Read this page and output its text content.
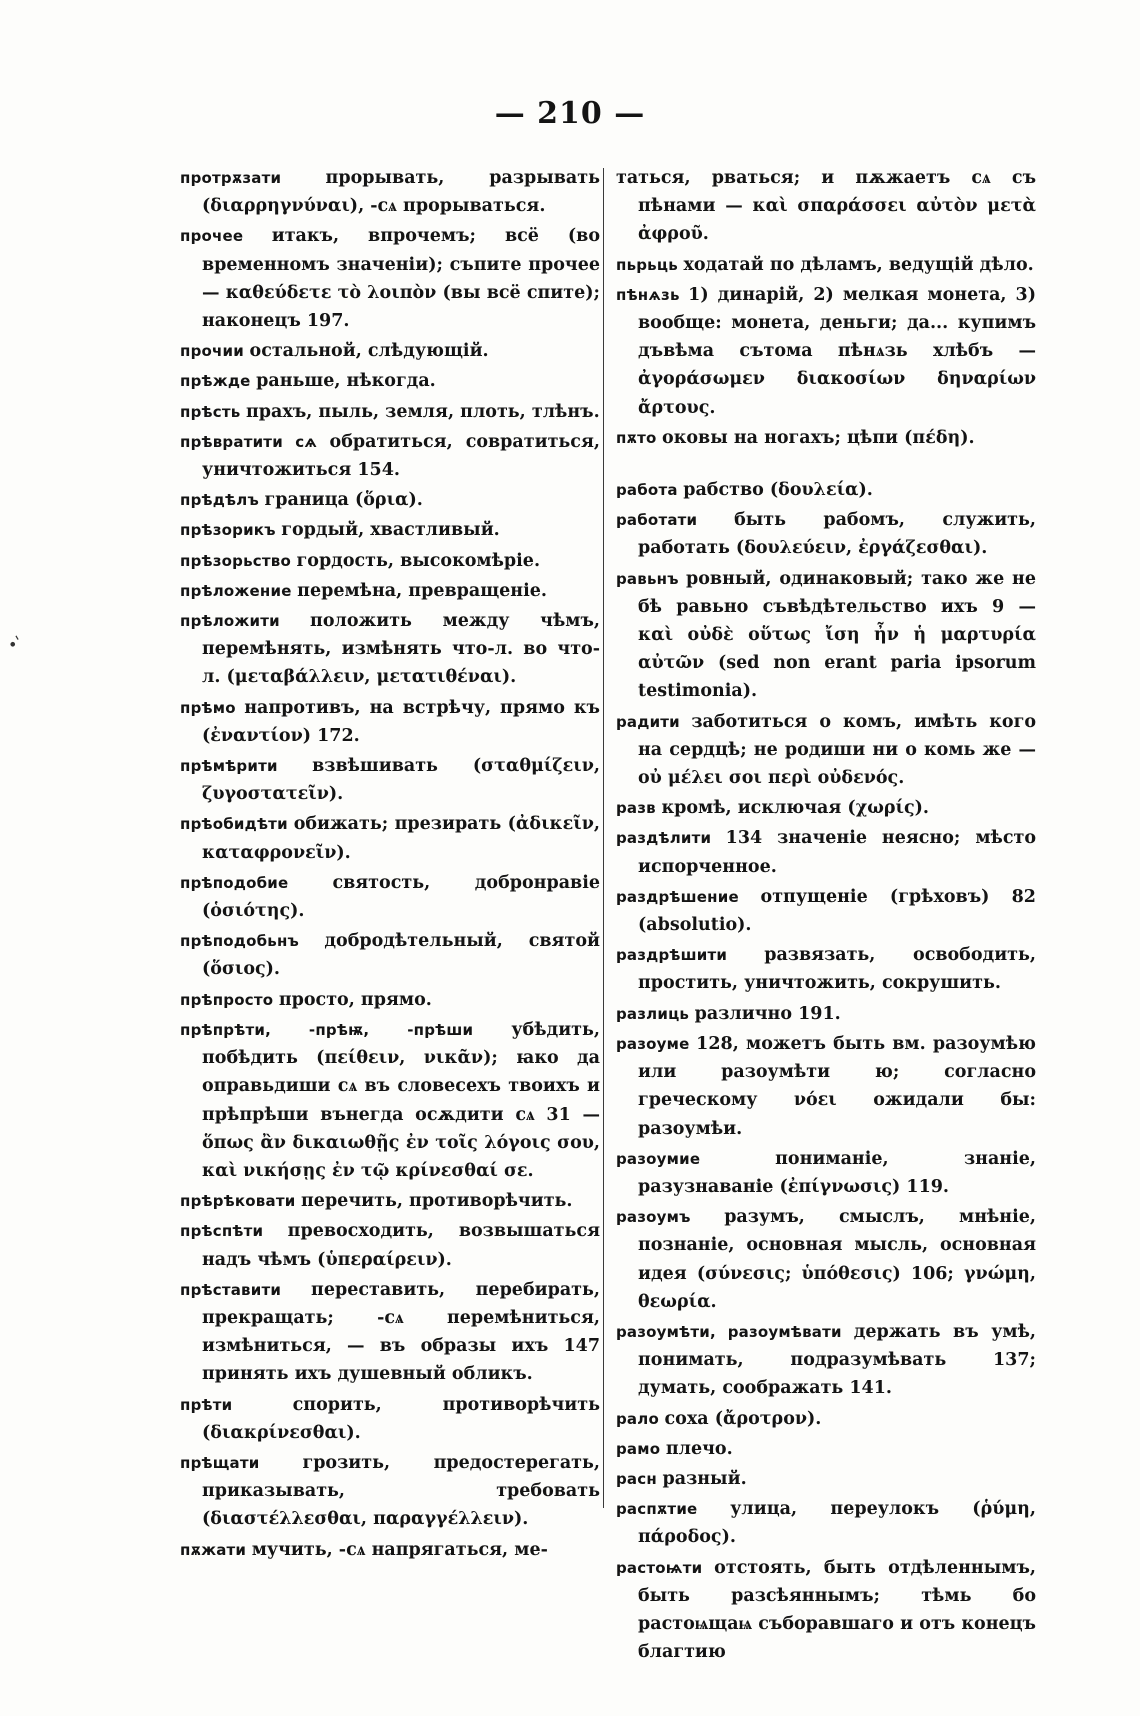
— 210 —
•'

протрѫзати	прорывать, разрывать (διαρρηγνύναι), -сѧ прорываться.

прочее итакъ, впрочемъ; всё (во временномъ значенiи); съпите прочее — καθεύδετε τὸ λοιπὸν (вы всё спите); наконецъ 197.

прочии остальной, слѣдующiй.

прѣжде раньше, нѣкогда.

прѣсть прахъ, пыль, земля, плоть, тлѣнъ.

прѣвратити сѧ обратиться, совратиться, уничтожиться 154.

прѣдѣлъ граница (ὅρια).

прѣзорикъ гордый, хвастливый.

прѣзорьство гордость, высокомѣрiе.

прѣложение перемѣна, превращенiе.

прѣложити положить между чѣмъ, перемѣнять, измѣнять что-л. во что-л. (μεταβάλλειν, μετατιθέναι).

прѣмо напротивъ, на встрѣчу, прямо къ (ἐναντίον) 172.

прѣмѣрити взвѣшивать (σταθμίζειν, ζυγοστατεῖν).

прѣобидѣти обижать; презирать (ἀδικεῖν, καταφρονεῖν).

прѣподобие	святость, добронравiе (ὁσιότης).

прѣподобьнъ добродѣтельный, святой (ὅσιος).

прѣпросто просто, прямо.

прѣпрѣти, -прѣѭ, -прѣши убѣдить, побѣдить (πείθειν, νικᾶν); ꙗко да оправьдиши сѧ въ словесехъ твоихъ и прѣпрѣши вънегда осѫдити сѧ 31 — ὅπως ἂν δικαιωθῇς ἐν τοῖς λόγοις σου, καὶ νικήσῃς ἐν τῷ κρίνεσθαί σε.

прѣрѣковати перечить, противорѣчить.

прѣспѣти превосходить, возвышаться надъ чѣмъ (ὑπεραίρειν).

прѣставити переставить, перебирать, прекращать; -сѧ перемѣниться, измѣниться, — въ образы ихъ 147 принять ихъ душевный обликъ.

прѣти	спорить, противорѣчить (διακρίνεσθαι).

прѣщати грозить, предостерегать, приказывать, требовать (διαστέλλεσθαι, παραγγέλλειν).

пѫжати мучить, -сѧ напрягаться, ме-

таться, рваться; и пѫжаетъ сѧ съ пѣнами — καὶ σπαράσσει αὐτὸν μετὰ ἀφροῦ.

пьрьць ходатай по дѣламъ, ведущiй дѣло.

пѣнѧзь 1) динарiй, 2) мелкая монета, 3) вообще: монета, деньги; да... купимъ дъвѣма сътома пѣнѧзь хлѣбъ — ἀγοράσωμεν διακοσίων δηναρίων ἄρτους.

пѫто оковы на ногахъ; цѣпи (πέδη).

работа рабство (δουλεία).

работати быть рабомъ, служить, работать (δουλεύειν, ἐργάζεσθαι).

равьнъ ровный, одинаковый; тако же не бѣ равьно съвѣдѣтельство ихъ 9 — καὶ οὐδὲ οὕτως ἴση ἦν ἡ μαρτυρία αὐτῶν (sed non erant paria ipsorum testimonia).

радити заботиться о комъ, имѣть кого на сердцѣ; не родиши ни о комь же — οὐ μέλει σοι περὶ οὐδενός.

разв кромѣ, исключая (χωρίς).

раздѣлити 134 значенiе неясно; мѣсто испорченное.

раздрѣшение отпущенiе (грѣховъ) 82 (absolutio).

раздрѣшити развязать, освободить, простить, уничтожить, сокрушить.

разлиць различно 191.

разоуме 128, можетъ быть вм. разоумѣю или разоумѣти ю; согласно греческому νόει ожидали бы: разоумѣи.

разоумие	пониманiе, знанiе, разузнаванiе (ἐπίγνωσις) 119.

разоумъ разумъ, смыслъ, мнѣнiе, познанiе, основная мысль, основная идея (σύνεσις; ὑπόθεσις) 106; γνώμη, θεωρία.

разоумѣти, разоумѣвати держать въ умѣ, понимать, подразумѣвать 137; думать, соображать 141.

рало соха (ἄροτρον).

рамо плечо.

расн разный.

распѫтие улица, переулокъ (ῥύμη, πάροδος).

растоѩти отстоять, быть отдѣленнымъ, быть разсѣяннымъ; тѣмь бо растоѩщаѩ съборавшаго и отъ конецъ благтию
